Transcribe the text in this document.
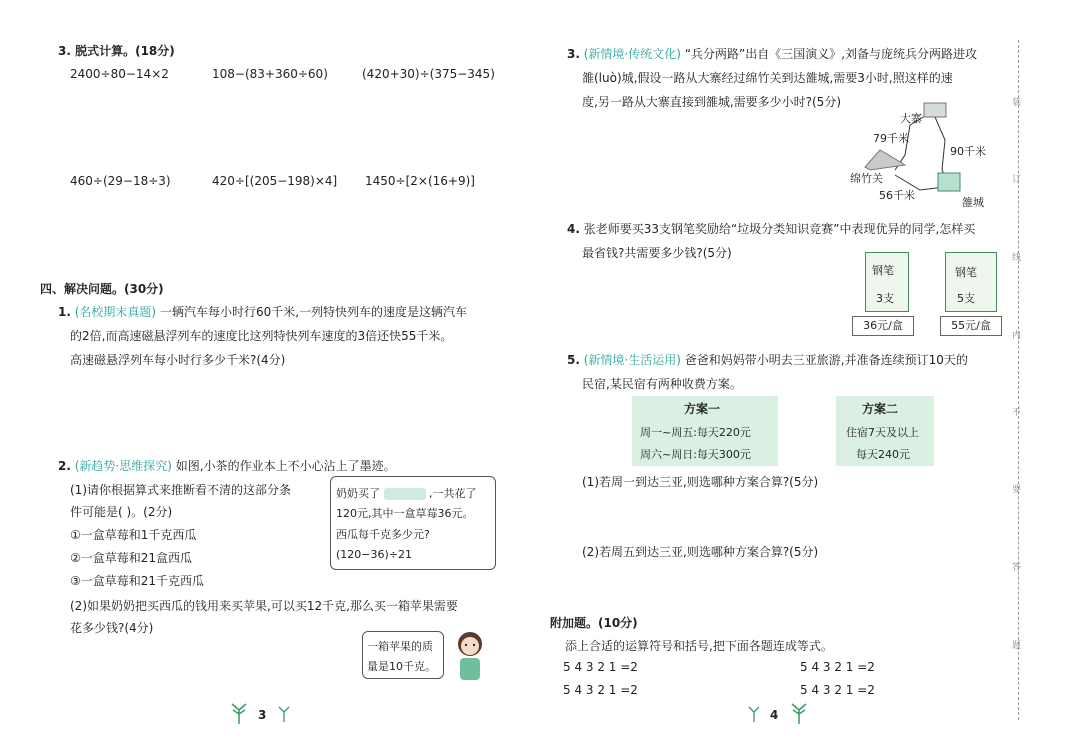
3. 脱式计算。(18分)
2400÷80−14×2	108−(83+360÷60)	(420+30)÷(375−345)
460÷(29−18÷3)	420÷[(205−198)×4] 1450÷[2×(16+9)]
四、解决问题。(30分)
1. (名校期末真题) 一辆汽车每小时行60千米,一列特快列车的速度是这辆汽车
的2倍,而高速磁悬浮列车的速度比这列特快列车速度的3倍还快55千米。
高速磁悬浮列车每小时行多少千米?(4分)
2. (新趋势·思维探究) 如图,小茶的作业本上不小心沾上了墨迹。
(1)请你根据算式来推断看不清的这部分条
件可能是( )。(2分)
①一盒草莓和1千克西瓜
②一盒草莓和21盒西瓜
③一盒草莓和21千克西瓜
(2)如果奶奶把买西瓜的钱用来买苹果,可以买12千克,那么买一箱苹果需要
花多少钱?(4分)
奶奶买了	,一共花了
120元,其中一盒草莓36元。
西瓜每千克多少元?
(120−36)÷21
一箱苹果的质
量是10千克。
3
3. (新情境·传统文化) “兵分两路”出自《三国演义》,刘备与庞统兵分两路进攻
雒(luò)城,假设一路从大寨经过绵竹关到达雒城,需要3小时,照这样的速
度,另一路从大寨直接到雒城,需要多少小时?(5分)
大寨
79千米
90千米
绵竹关
56千米
雒城
4. 张老师要买33支钢笔奖励给“垃圾分类知识竞赛”中表现优异的同学,怎样买
最省钱?共需要多少钱?(5分)
钢笔
3支
36元/盒
钢笔
5支
55元/盒
5. (新情境·生活运用) 爸爸和妈妈带小明去三亚旅游,并准备连续预订10天的
民宿,某民宿有两种收费方案。
方案一
周一~周五:每天220元
周六~周日:每天300元
方案二
住宿7天及以上
每天240元
(1)若周一到达三亚,则选哪种方案合算?(5分)
(2)若周五到达三亚,则选哪种方案合算?(5分)
附加题。(10分)
添上合适的运算符号和括号,把下面各题连成等式。
5 4 3 2 1 =2	5 4 3 2 1 =2
5 4 3 2 1 =2	5 4 3 2 1 =2
4
装
订
线
内
不
要
答
题
